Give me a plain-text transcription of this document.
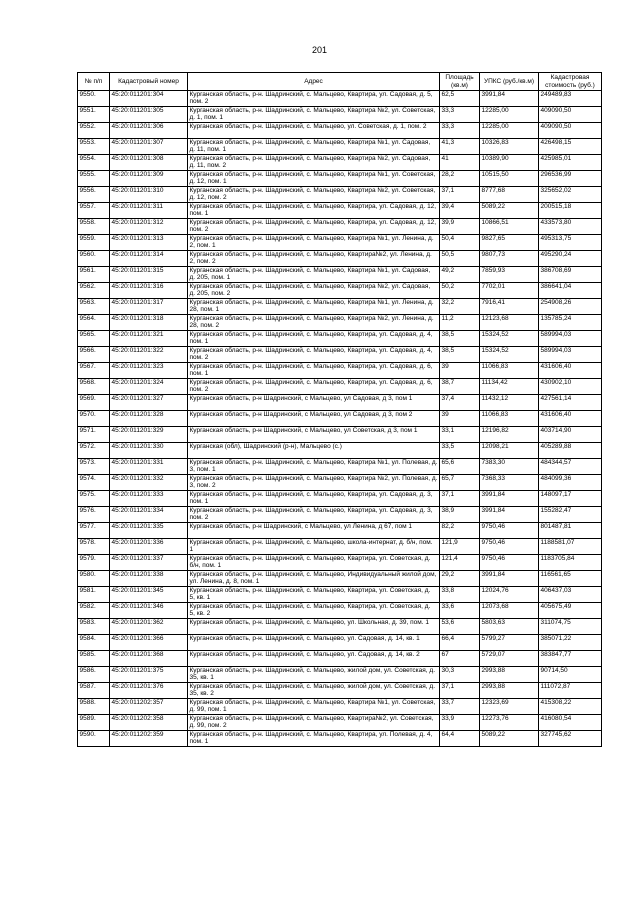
201
№ п/п	Кадастровый номер	Адрес	Площадь (кв.м)	УПКС (руб./кв.м)	Кадастровая стоимость (руб.)
9550.	45:20:011201:304	Курганская область, р-н. Шадринский, с. Мальцево, Квартира, ул. Садовая, д. 5, пом. 2	62,5	3991,84	249489,83
9551.	45:20:011201:305	Курганская область, р-н. Шадринский, с. Мальцево, Квартира №2, ул. Советская, д. 1, пом. 1	33,3	12285,00	409090,50
9552.	45:20:011201:306	Курганская область, р-н. Шадринский, с. Мальцево, ул. Советская, д. 1, пом. 2	33,3	12285,00	409090,50
9553.	45:20:011201:307	Курганская область, р-н. Шадринский, с. Мальцево, Квартира №1, ул. Садовая, д. 11, пом. 1	41,3	10326,83	426498,15
9554.	45:20:011201:308	Курганская область, р-н. Шадринский, с. Мальцево, Квартира №2, ул. Садовая, д. 11, пом. 2	41	10389,90	425985,01
9555.	45:20:011201:309	Курганская область, р-н. Шадринский, с. Мальцево, Квартира №1, ул. Советская, д. 12, пом. 1	28,2	10515,50	296536,99
9556.	45:20:011201:310	Курганская область, р-н. Шадринский, с. Мальцево, Квартира №2, ул. Советская, д. 12, пом. 2	37,1	8777,68	325652,02
9557.	45:20:011201:311	Курганская область, р-н. Шадринский, с. Мальцево, Квартира, ул. Садовая, д. 12, пом. 1	39,4	5089,22	200515,18
9558.	45:20:011201:312	Курганская область, р-н. Шадринский, с. Мальцево, Квартира, ул. Садовая, д. 12, пом. 2	39,9	10866,51	433573,80
9559.	45:20:011201:313	Курганская область, р-н. Шадринский, с. Мальцево, Квартира №1, ул. Ленина, д. 2, пом. 1	50,4	9827,65	495313,75
9560.	45:20:011201:314	Курганская область, р-н. Шадринский, с. Мальцево, Квартира№2, ул. Ленина, д. 2, пом. 2	50,5	9807,73	495290,24
9561.	45:20:011201:315	Курганская область, р-н. Шадринский, с. Мальцево, Квартира №1, ул. Садовая, д. 205, пом. 1	49,2	7859,93	386708,69
9562.	45:20:011201:316	Курганская область, р-н. Шадринский, с. Мальцево, Квартира №2, ул. Садовая, д. 205, пом. 2	50,2	7702,01	386641,04
9563.	45:20:011201:317	Курганская область, р-н. Шадринский, с. Мальцево, Квартира №1, ул. Ленина, д. 28, пом. 1	32,2	7916,41	254908,26
9564.	45:20:011201:318	Курганская область, р-н. Шадринский, с. Мальцево, Квартира №2, ул. Ленина, д. 28, пом. 2	11,2	12123,68	135785,24
9565.	45:20:011201:321	Курганская область, р-н. Шадринский, с. Мальцево, Квартира, ул. Садовая, д. 4, пом. 1	38,5	15324,52	589994,03
9566.	45:20:011201:322	Курганская область, р-н. Шадринский, с. Мальцево, Квартира, ул. Садовая, д. 4, пом. 2	38,5	15324,52	589994,03
9567.	45:20:011201:323	Курганская область, р-н. Шадринский, с. Мальцево, Квартира, ул. Садовая, д. 6, пом. 1	39	11066,83	431606,40
9568.	45:20:011201:324	Курганская область, р-н. Шадринский, с. Мальцево, Квартира, ул. Садовая, д. 6, пом. 2	38,7	11134,42	430902,10
9569.	45:20:011201:327	Курганская область, р-н Шадринский, с Мальцево, ул Садовая, д 3, пом 1	37,4	11432,12	427561,14
9570.	45:20:011201:328	Курганская область, р-н Шадринский, с Мальцево, ул Садовая, д 3, пом 2	39	11066,83	431606,40
9571.	45:20:011201:329	Курганская область, р-н Шадринский, с Мальцево, ул Советская, д 3, пом 1	33,1	12196,82	403714,90
9572.	45:20:011201:330	Курганская (обл), Шадринский (р-н), Мальцево (с.)	33,5	12098,21	405289,88
9573.	45:20:011201:331	Курганская область, р-н. Шадринский, с. Мальцево, Квартира №1, ул. Полевая, д. 3, пом. 1	65,6	7383,30	484344,57
9574.	45:20:011201:332	Курганская область, р-н. Шадринский, с. Мальцево, Квартира №2, ул. Полевая, д. 3, пом. 2	65,7	7368,33	484099,36
9575.	45:20:011201:333	Курганская область, р-н. Шадринский, с. Мальцево, Квартира, ул. Садовая, д. 3, пом. 1	37,1	3991,84	148097,17
9576.	45:20:011201:334	Курганская область, р-н. Шадринский, с. Мальцево, Квартира, ул. Садовая, д. 3, пом. 2	38,9	3991,84	155282,47
9577.	45:20:011201:335	Курганская область, р-н Шадринский, с Мальцево, ул Ленина, д 67, пом 1	82,2	9750,46	801487,81
9578.	45:20:011201:336	Курганская область, р-н. Шадринский, с. Мальцево, школа-интернат, д. б/н, пом. 1	121,9	9750,46	1188581,07
9579.	45:20:011201:337	Курганская область, р-н. Шадринский, с. Мальцево, Квартира, ул. Советская, д. б/н, пом. 1	121,4	9750,46	1183705,84
9580.	45:20:011201:338	Курганская область, р-н. Шадринский, с. Мальцево, Индивидуальный жилой дом, ул. Ленина, д. 8, пом. 1	29,2	3991,84	116561,65
9581.	45:20:011201:345	Курганская область, р-н. Шадринский, с. Мальцево, Квартира, ул. Советская, д. 5, кв. 1	33,8	12024,76	406437,03
9582.	45:20:011201:346	Курганская область, р-н. Шадринский, с. Мальцево, Квартира, ул. Советская, д. 5, кв. 2	33,6	12073,68	405675,49
9583.	45:20:011201:362	Курганская область, р-н. Шадринский, с. Мальцево, ул. Школьная, д. 39, пом. 1	53,6	5803,63	311074,75
9584.	45:20:011201:366	Курганская область, р-н. Шадринский, с. Мальцево, ул. Садовая, д. 14, кв. 1	66,4	5799,27	385071,22
9585.	45:20:011201:368	Курганская область, р-н. Шадринский, с. Мальцево, ул. Садовая, д. 14, кв. 2	67	5729,07	383847,77
9586.	45:20:011201:375	Курганская область, р-н. Шадринский, с. Мальцево, жилой дом, ул. Советская, д. 35, кв. 1	30,3	2993,88	90714,50
9587.	45:20:011201:376	Курганская область, р-н. Шадринский, с. Мальцево, жилой дом, ул. Советская, д. 35, кв. 2	37,1	2993,88	111072,87
9588.	45:20:011202:357	Курганская область, р-н. Шадринский, с. Мальцево, Квартира №1, ул. Советская, д. 99, пом. 1	33,7	12323,69	415308,22
9589.	45:20:011202:358	Курганская область, р-н. Шадринский, с. Мальцево, Квартира№2, ул. Советская, д. 99, пом. 2	33,9	12273,76	416080,54
9590.	45:20:011202:359	Курганская область, р-н. Шадринский, с. Мальцево, Квартира, ул. Полевая, д. 4, пом. 1	64,4	5089,22	327745,62
